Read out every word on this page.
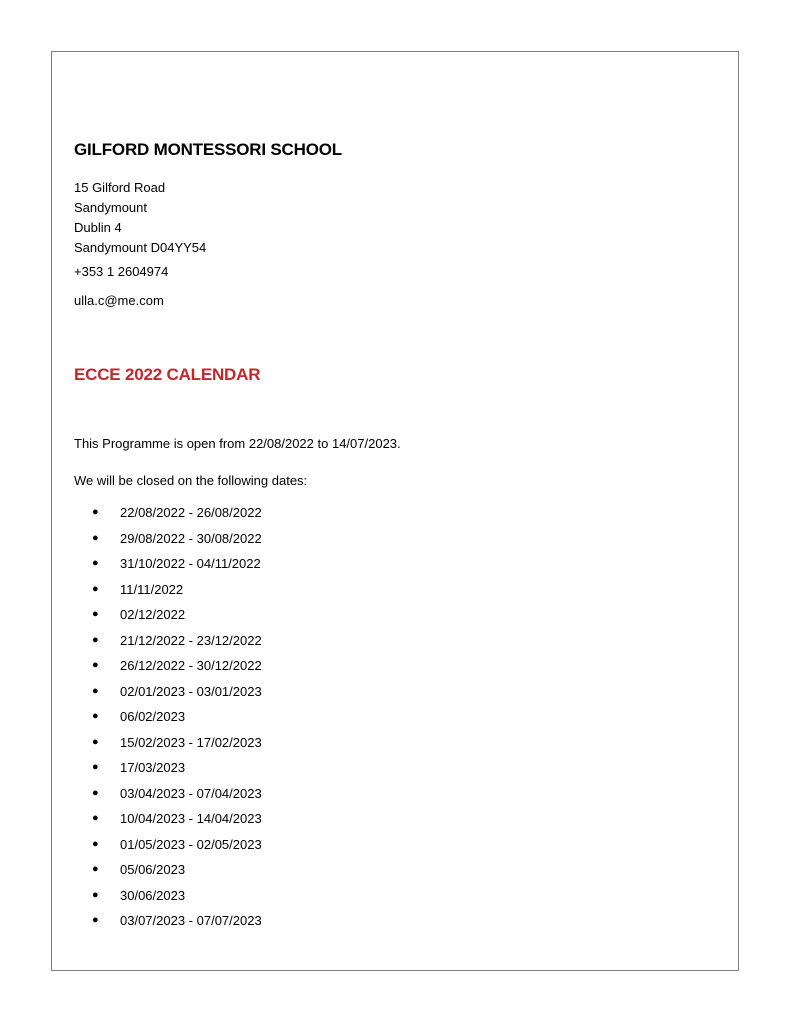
GILFORD MONTESSORI SCHOOL
15 Gilford Road
Sandymount
Dublin 4
Sandymount D04YY54
+353 1 2604974
ulla.c@me.com
ECCE 2022 CALENDAR
This Programme is open from 22/08/2022 to 14/07/2023.
We will be closed on the following dates:
●	22/08/2022 - 26/08/2022
●	29/08/2022 - 30/08/2022
●	31/10/2022 - 04/11/2022
●	11/11/2022
●	02/12/2022
●	21/12/2022 - 23/12/2022
●	26/12/2022 - 30/12/2022
●	02/01/2023 - 03/01/2023
●	06/02/2023
●	15/02/2023 - 17/02/2023
●	17/03/2023
●	03/04/2023 - 07/04/2023
●	10/04/2023 - 14/04/2023
●	01/05/2023 - 02/05/2023
●	05/06/2023
●	30/06/2023
●	03/07/2023 - 07/07/2023
